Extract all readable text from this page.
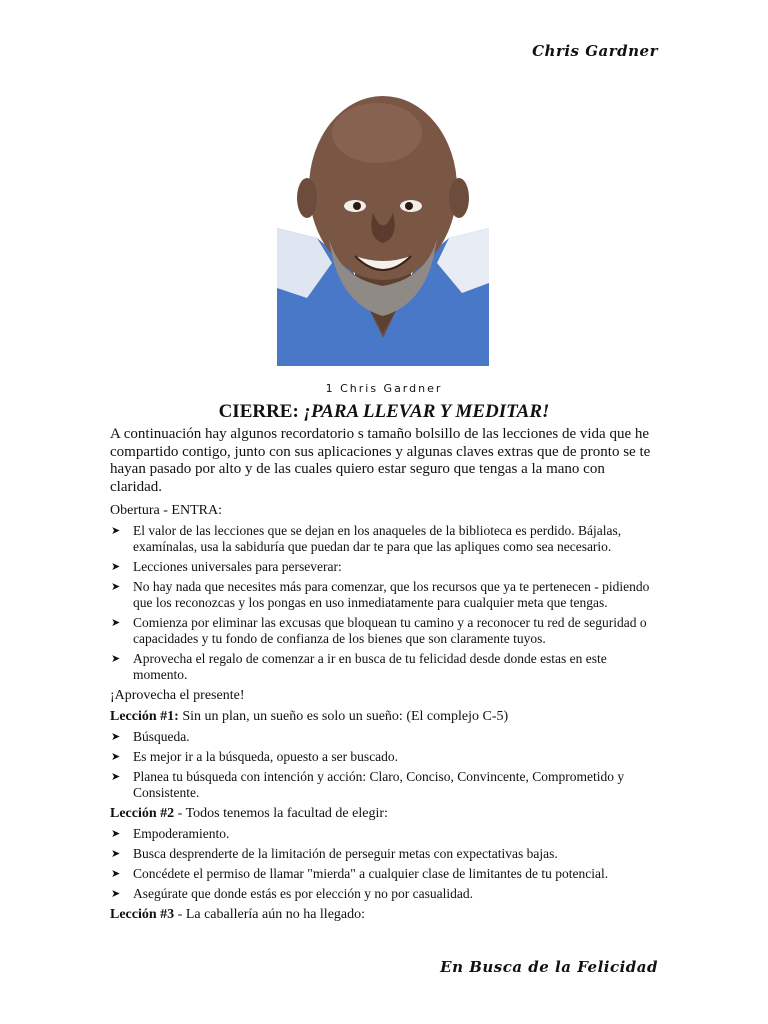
Chris Gardner
1 Chris Gardner
CIERRE: ¡PARA LLEVAR Y MEDITAR!

A continuación hay algunos recordatorio s tamaño bolsillo de las lecciones de vida que he compartido contigo, junto con sus aplicaciones y algunas claves extras que de pronto se te hayan pasado por alto y de las cuales quiero estar seguro que tengas a la mano con claridad.

Obertura - ENTRA:

➤ El valor de las lecciones que se dejan en los anaqueles de la biblioteca es perdido. Bájalas, examínalas, usa la sabiduría que puedan dar te para que las apliques como sea necesario.
➤ Lecciones universales para perseverar:
➤ No hay nada que necesites más para comenzar, que los recursos que ya te pertenecen - pidiendo que los reconozcas y los pongas en uso inmediatamente para cualquier meta que tengas.
➤ Comienza por eliminar las excusas que bloquean tu camino y a reconocer tu red de seguridad o capacidades y tu fondo de confianza de los bienes que son claramente tuyos.
➤ Aprovecha el regalo de comenzar a ir en busca de tu felicidad desde donde estas en este momento.

¡Aprovecha el presente!

Lección #1: Sin un plan, un sueño es solo un sueño: (El complejo C-5)

➤ Búsqueda.
➤ Es mejor ir a la búsqueda, opuesto a ser buscado.
➤ Planea tu búsqueda con intención y acción: Claro, Conciso, Convincente, Comprometido y Consistente.

Lección #2 - Todos tenemos la facultad de elegir:

➤ Empoderamiento.
➤ Busca desprenderte de la limitación de perseguir metas con expectativas bajas.
➤ Concédete el permiso de llamar "mierda" a cualquier clase de limitantes de tu potencial.
➤ Asegúrate que donde estás es por elección y no por casualidad.

Lección #3 - La caballería aún no ha llegado:

En Busca de la Felicidad
